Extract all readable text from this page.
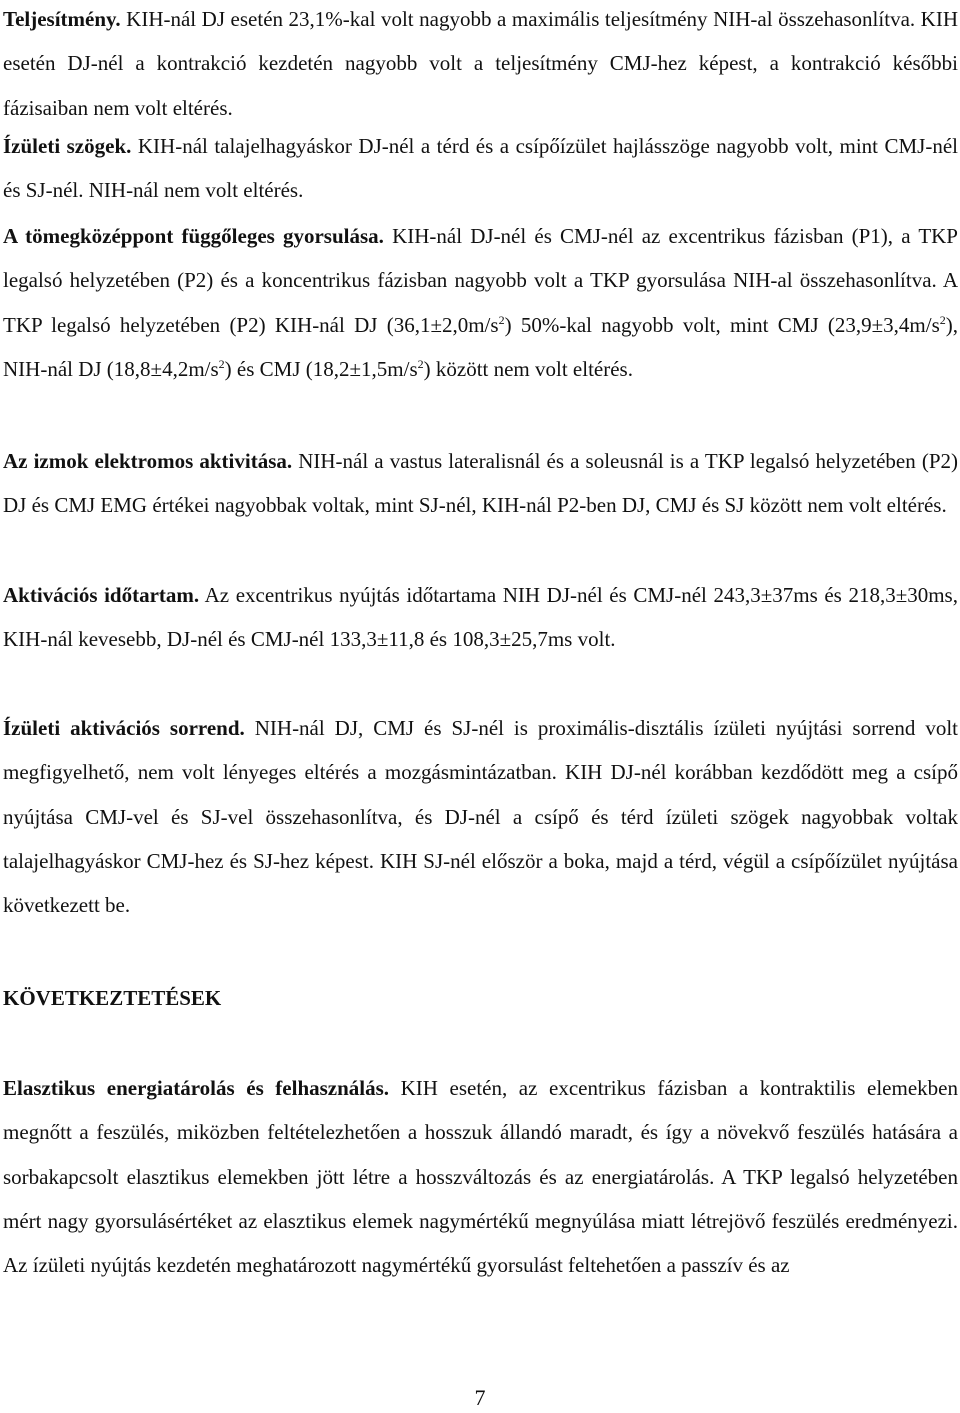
Teljesítmény. KIH-nál DJ esetén 23,1%-kal volt nagyobb a maximális teljesítmény NIH-al összehasonlítva. KIH esetén DJ-nél a kontrakció kezdetén nagyobb volt a teljesítmény CMJ-hez képest, a kontrakció későbbi fázisaiban nem volt eltérés.

Ízületi szögek. KIH-nál talajelhagyáskor DJ-nél a térd és a csípőízület hajlásszöge nagyobb volt, mint CMJ-nél és SJ-nél. NIH-nál nem volt eltérés.

A tömegközéppont függőleges gyorsulása. KIH-nál DJ-nél és CMJ-nél az excentrikus fázisban (P1), a TKP legalsó helyzetében (P2) és a koncentrikus fázisban nagyobb volt a TKP gyorsulása NIH-al összehasonlítva. A TKP legalsó helyzetében (P2) KIH-nál DJ $(36,1\pm 2,0m/s^2)$ 50%-kal nagyobb volt, mint CMJ $(23,9\pm 3,4m/s^2)$, NIH-nál DJ $(18,8\pm 4,2m/s^2)$ és CMJ $(18,2\pm 1,5m/s^2)$ között nem volt eltérés.

Az izmok elektromos aktivitása. NIH-nál a vastus lateralisnál és a soleusnál is a TKP legalsó helyzetében (P2) DJ és CMJ EMG értékei nagyobbak voltak, mint SJ-nél, KIH-nál P2-ben DJ, CMJ és SJ között nem volt eltérés.

Aktivációs időtartam. Az excentrikus nyújtás időtartama NIH DJ-nél és CMJ-nél 243,3±37ms és 218,3±30ms, KIH-nál kevesebb, DJ-nél és CMJ-nél 133,3±11,8 és 108,3±25,7ms volt.

Ízületi aktivációs sorrend. NIH-nál DJ, CMJ és SJ-nél is proximális-disztális ízületi nyújtási sorrend volt megfigyelhető, nem volt lényeges eltérés a mozgásmintázatban. KIH DJ-nél korábban kezdődött meg a csípő nyújtása CMJ-vel és SJ-vel összehasonlítva, és DJ-nél a csípő és térd ízületi szögek nagyobbak voltak talajelhagyáskor CMJ-hez és SJ-hez képest. KIH SJ-nél először a boka, majd a térd, végül a csípőízület nyújtása következett be.

KÖVETKEZTETÉSEK

Elasztikus energiatárolás és felhasználás. KIH esetén, az excentrikus fázisban a kontraktilis elemekben megnőtt a feszülés, miközben feltételezhetően a hosszuk állandó maradt, és így a növekvő feszülés hatására a sorbakapcsolt elasztikus elemekben jött létre a hosszváltozás és az energiatárolás. A TKP legalsó helyzetében mért nagy gyorsulásértéket az elasztikus elemek nagymértékű megnyúlása miatt létrejövő feszülés eredményezi. Az ízületi nyújtás kezdetén meghatározott nagymértékű gyorsulást feltehetően a passzív és az

7
